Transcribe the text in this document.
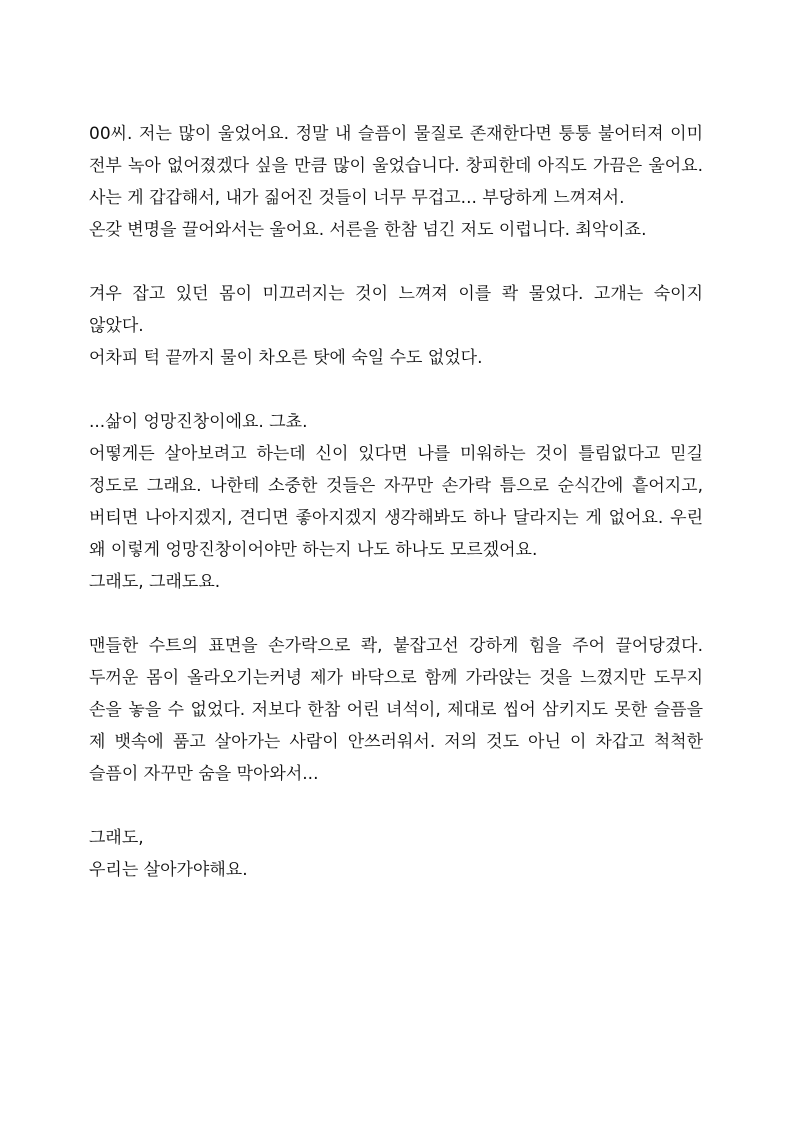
00씨. 저는 많이 울었어요. 정말 내 슬픔이 물질로 존재한다면 퉁퉁 불어터져 이미 전부 녹아 없어졌겠다 싶을 만큼 많이 울었습니다. 창피한데 아직도 가끔은 울어요. 사는 게 갑갑해서, 내가 짊어진 것들이 너무 무겁고... 부당하게 느껴져서.

온갖 변명을 끌어와서는 울어요. 서른을 한참 넘긴 저도 이럽니다. 최악이죠.

겨우 잡고 있던 몸이 미끄러지는 것이 느껴져 이를 콱 물었다. 고개는 숙이지 않았다.

어차피 턱 끝까지 물이 차오른 탓에 숙일 수도 없었다.

...삶이 엉망진창이에요. 그쵸.

어떻게든 살아보려고 하는데 신이 있다면 나를 미워하는 것이 틀림없다고 믿길 정도로 그래요. 나한테 소중한 것들은 자꾸만 손가락 틈으로 순식간에 흩어지고, 버티면 나아지겠지, 견디면 좋아지겠지 생각해봐도 하나 달라지는 게 없어요. 우린 왜 이렇게 엉망진창이어야만 하는지 나도 하나도 모르겠어요.

그래도, 그래도요.

맨들한 수트의 표면을 손가락으로 콱, 붙잡고선 강하게 힘을 주어 끌어당겼다. 두꺼운 몸이 올라오기는커녕 제가 바닥으로 함께 가라앉는 것을 느꼈지만 도무지 손을 놓을 수 없었다. 저보다 한참 어린 녀석이, 제대로 씹어 삼키지도 못한 슬픔을 제 뱃속에 품고 살아가는 사람이 안쓰러워서. 저의 것도 아닌 이 차갑고 척척한 슬픔이 자꾸만 숨을 막아와서...

그래도,

우리는 살아가야해요.
